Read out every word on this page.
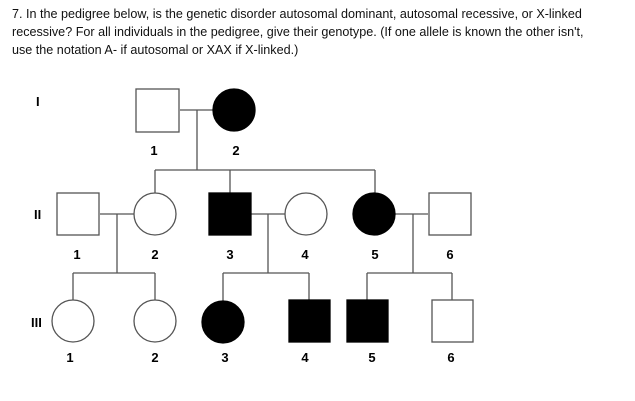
7. In the pedigree below, is the genetic disorder autosomal dominant, autosomal recessive, or X-linked

recessive? For all individuals in the pedigree, give their genotype. (If one allele is known the other isn't,

use the notation A- if autosomal or XAX if X-linked.)

I
II
III
1	2
1	2	3	4	5	6
1	2	3	4	5	6
